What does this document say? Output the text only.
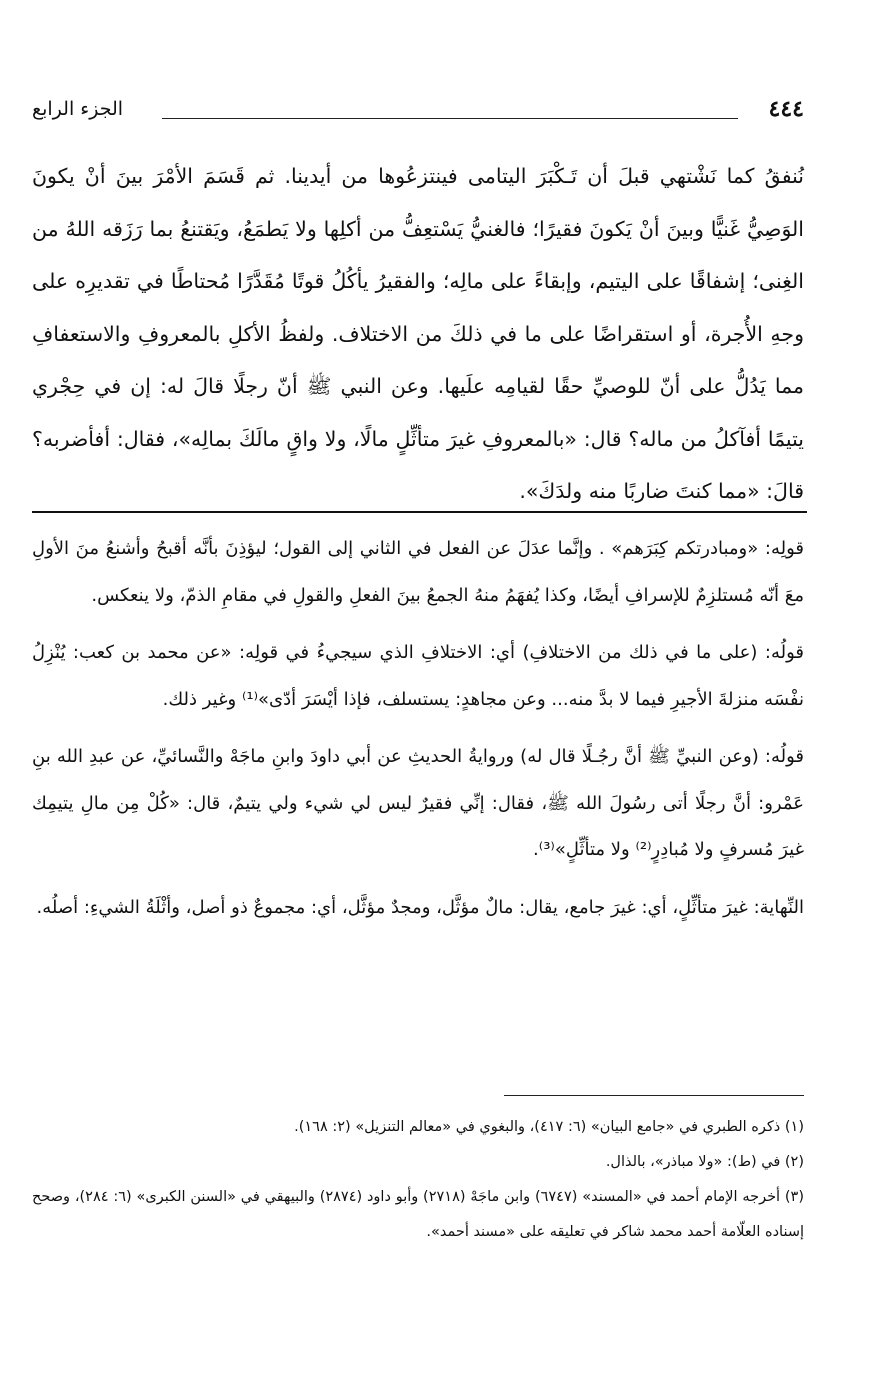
٤٤٤
الجزء الرابع

نُنفقُ كما نَشْتهي قبلَ أن تَـكْبَرَ اليتامى فينتزعُوها من أيدينا. ثم قَسَمَ الأمْرَ بينَ أنْ يكونَ الوَصِيُّ غَنيًّا وبينَ أنْ يَكونَ فقيرًا؛ فالغنيُّ يَسْتعِفُّ من أكلِها ولا يَطمَعُ، ويَقتنعُ بما رَزَقه اللهُ من الغِنى؛ إشفاقًا على اليتيم، وإبقاءً على مالِه؛ والفقيرُ يأكُلُ قوتًا مُقَدَّرًا مُحتاطًا في تقديرِه على وجهِ الأُجرة، أو استقراضًا على ما في ذلكَ من الاختلاف. ولفظُ الأكلِ بالمعروفِ والاستعفافِ مما يَدُلُّ على أنّ للوصيِّ حقًا لقيامِه علَيها. وعن النبي ﷺ أنّ رجلًا قالَ له: إن في حِجْري يتيمًا أفآكلُ من ماله؟ قال: «بالمعروفِ غيرَ متأثِّلٍ مالًا، ولا واقٍ مالَكَ بمالِه»، فقال: أفأضربه؟ قالَ: «مما كنتَ ضاربًا منه ولدَكَ».

قولِه: «ومبادرتكم كِبَرَهم» . وإنَّما عدَلَ عن الفعل في الثاني إلى القول؛ ليؤذِنَ بأنَّه أقبحُ وأشنعُ منَ الأولِ معَ أنّه مُستلزِمٌ للإسرافِ أيضًا، وكذا يُفهَمُ منهُ الجمعُ بينَ الفعلِ والقولِ في مقامِ الذمّ، ولا ينعكس.

قولُه: (على ما في ذلك من الاختلافِ) أي: الاختلافِ الذي سيجيءُ في قولِه: «عن محمد بن كعب: يُنْزِلُ نفْسَه منزلةَ الأجيرِ فيما لا بدَّ منه... وعن مجاهدٍ: يستسلف، فإذا أيْسَرَ أدّى»⁽¹⁾ وغير ذلك.

قولُه: (وعن النبيِّ ﷺ أنَّ رجُـلًا قال له) وروايةُ الحديثِ عن أبي داودَ وابنِ ماجَهْ والنَّسائيِّ، عن عبدِ الله بنِ عَمْرو: أنَّ رجلًا أتى رسُولَ الله ﷺ، فقال: إنِّي فقيرٌ ليس لي شيء ولي يتيمٌ، قال: «كُلْ مِن مالِ يتيمِك غيرَ مُسرفٍ ولا مُبادِرٍ⁽²⁾ ولا متأثِّلٍ»⁽³⁾.

النِّهاية: غيرَ متأثِّلٍ، أي: غيرَ جامع، يقال: مالٌ مؤثَّل، ومجدٌ مؤثَّل، أي: مجموعٌ ذو أصل، وأثْلَةُ الشيءِ: أصلُه.

(١) ذكره الطبري في «جامع البيان» (٦: ٤١٧)، والبغوي في «معالم التنزيل» (٢: ١٦٨).

(٢) في (ط): «ولا مباذر»، بالذال.

(٣) أخرجه الإمام أحمد في «المسند» (٦٧٤٧) وابن ماجَهْ (٢٧١٨) وأبو داود (٢٨٧٤) والبيهقي في «السنن الكبرى» (٦: ٢٨٤)، وصحح إسناده العلّامة أحمد محمد شاكر في تعليقه على «مسند أحمد».
